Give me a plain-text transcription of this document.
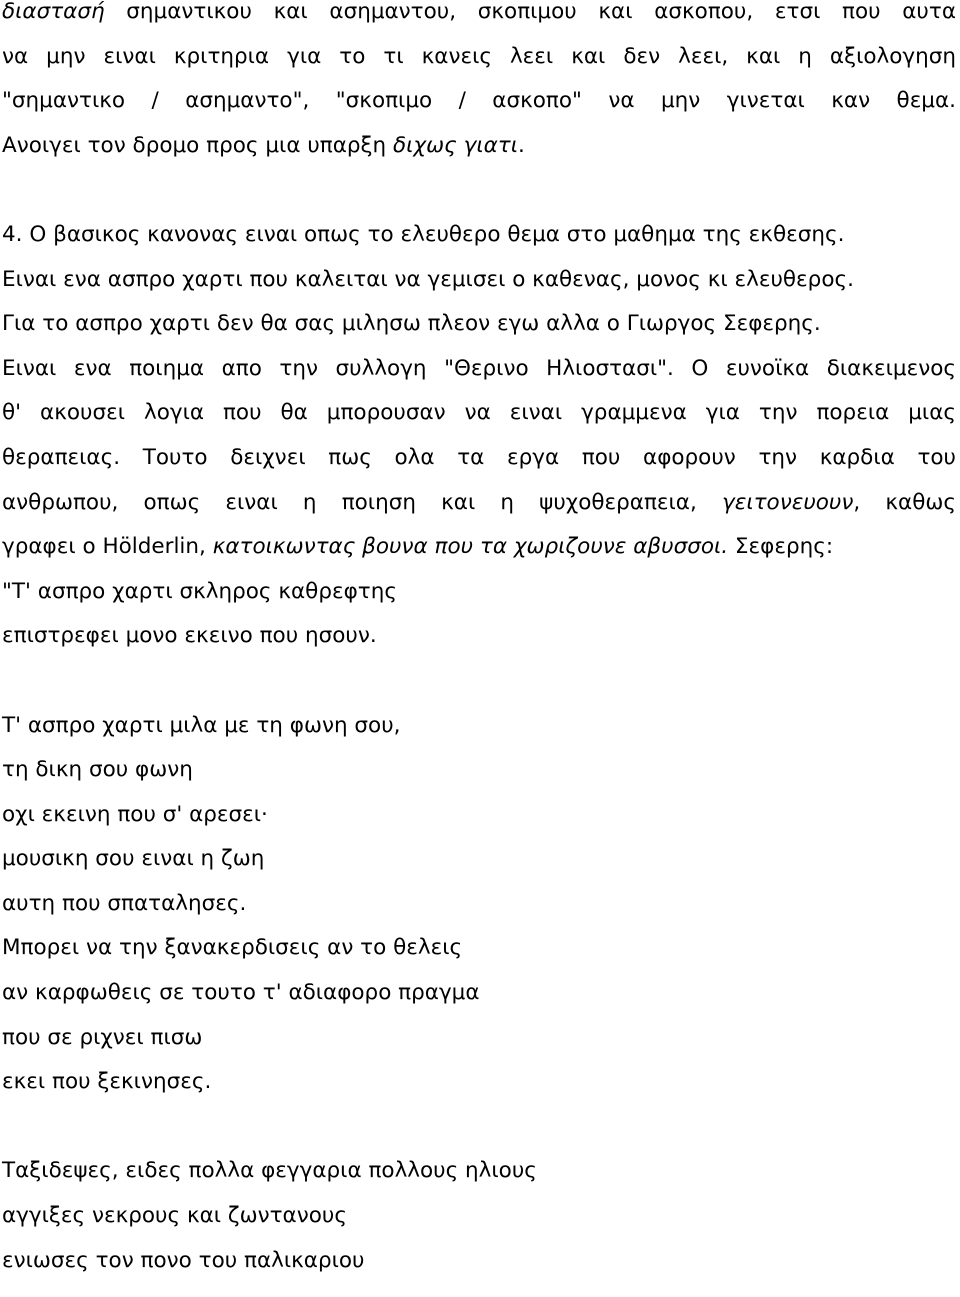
διαστασή σημαντικου και ασημαντου, σκοπιμου και ασκοπου, ετσι που αυτα
να μην ειναι κριτηρια για το τι κανεις λεει και δεν λεει, και η αξιολογηση
"σημαντικο / ασημαντο", "σκοπιμο / ασκοπο" να μην γινεται καν θεμα.
Ανοιγει τον δρομο προς μια υπαρξη διχως γιατι.
4. Ο βασικος κανονας ειναι οπως το ελευθερο θεμα στο μαθημα της εκθεσης.
Ειναι ενα ασπρο χαρτι που καλειται να γεμισει ο καθενας, μονος κι ελευθερος.
Για το ασπρο χαρτι δεν θα σας μιλησω πλεον εγω αλλα ο Γιωργος Σεφερης.
Ειναι ενα ποιημα απο την συλλογη "Θερινο Ηλιοστασι". Ο ευνοϊκα διακειμενος
θ' ακουσει λογια που θα μπορουσαν να ειναι γραμμενα για την πορεια μιας
θεραπειας. Τουτο δειχνει πως ολα τα εργα που αφορουν την καρδια του
ανθρωπου, οπως ειναι η ποιηση και η ψυχοθεραπεια, γειτονευουν, καθως
γραφει ο Hölderlin, κατοικωντας βουνα που τα χωριζουνε αβυσσοι. Σεφερης:
"Τ' ασπρο χαρτι σκληρος καθρεφτης
επιστρεφει μονο εκεινο που ησουν.
Τ' ασπρο χαρτι μιλα με τη φωνη σου,
τη δικη σου φωνη
οχι εκεινη που σ' αρεσει·
μουσικη σου ειναι η ζωη
αυτη που σπαταλησες.
Μπορει να την ξανακερδισεις αν το θελεις
αν καρφωθεις σε τουτο τ' αδιαφορο πραγμα
που σε ριχνει πισω
εκει που ξεκινησες.
Ταξιδεψες, ειδες πολλα φεγγαρια πολλους ηλιους
αγγιξες νεκρους και ζωντανους
ενιωσες τον πονο του παλικαριου
